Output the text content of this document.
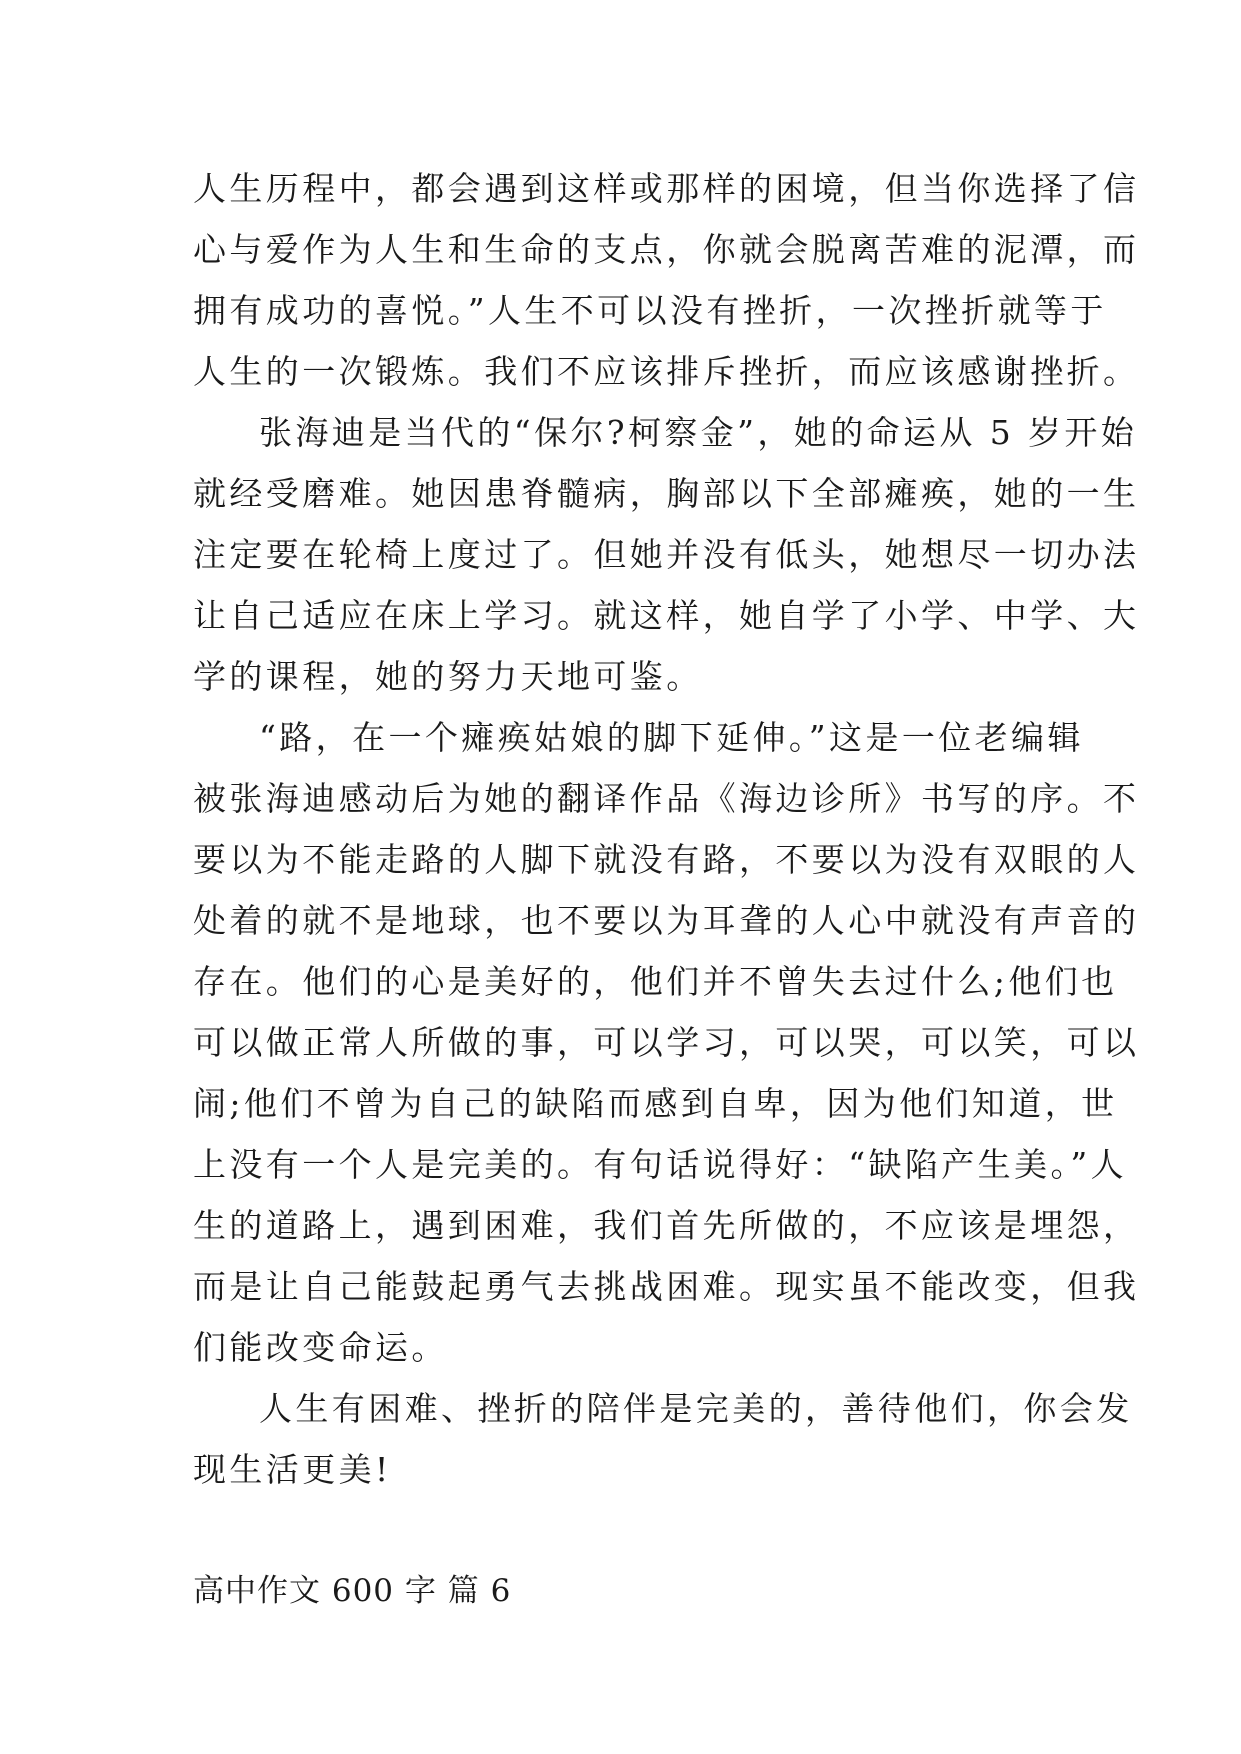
人生历程中，都会遇到这样或那样的困境，但当你选择了信
心与爱作为人生和生命的支点，你就会脱离苦难的泥潭，而
拥有成功的喜悦。”人生不可以没有挫折，一次挫折就等于
人生的一次锻炼。我们不应该排斥挫折，而应该感谢挫折。
张海迪是当代的“保尔?柯察金”，她的命运从 5 岁开始
就经受磨难。她因患脊髓病，胸部以下全部瘫痪，她的一生
注定要在轮椅上度过了。但她并没有低头，她想尽一切办法
让自己适应在床上学习。就这样，她自学了小学、中学、大
学的课程，她的努力天地可鉴。
“路，在一个瘫痪姑娘的脚下延伸。”这是一位老编辑
被张海迪感动后为她的翻译作品《海边诊所》书写的序。不
要以为不能走路的人脚下就没有路，不要以为没有双眼的人
处着的就不是地球，也不要以为耳聋的人心中就没有声音的
存在。他们的心是美好的，他们并不曾失去过什么;他们也
可以做正常人所做的事，可以学习，可以哭，可以笑，可以
闹;他们不曾为自己的缺陷而感到自卑，因为他们知道，世
上没有一个人是完美的。有句话说得好：“缺陷产生美。”人
生的道路上，遇到困难，我们首先所做的，不应该是埋怨，
而是让自己能鼓起勇气去挑战困难。现实虽不能改变，但我
们能改变命运。
人生有困难、挫折的陪伴是完美的，善待他们，你会发
现生活更美!
高中作文 600 字 篇 6
